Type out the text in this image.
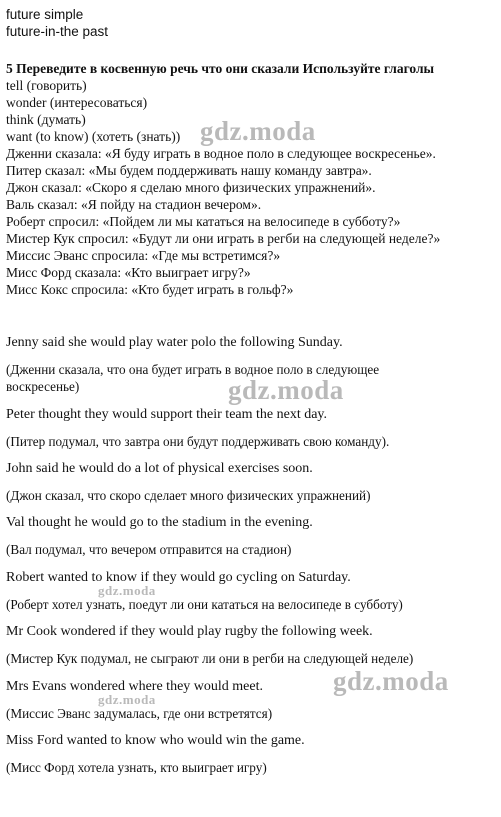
future simple
future-in-the past
5 Переведите в косвенную речь что они сказали Используйте глаголы
tell (говорить)
wonder (интересоваться)
think (думать)
want (to know) (хотеть (знать))
Дженни сказала: «Я буду играть в водное поло в следующее воскресенье».
Питер сказал: «Мы будем поддерживать нашу команду завтра».
Джон сказал: «Скоро я сделаю много физических упражнений».
Валь сказал: «Я пойду на стадион вечером».
Роберт спросил: «Пойдем ли мы кататься на велосипеде в субботу?»
Мистер Кук спросил: «Будут ли они играть в регби на следующей неделе?»
Миссис Эванс спросила: «Где мы встретимся?»
Мисс Форд сказала: «Кто выиграет игру?»
Мисс Кокс спросила: «Кто будет играть в гольф?»
Jenny said she would play water polo the following Sunday.
(Дженни сказала, что она будет играть в водное поло в следующее
воскресенье)
Peter thought they would support their team the next day.
(Питер подумал, что завтра они будут поддерживать свою команду).
John said he would do a lot of physical exercises soon.
(Джон сказал, что скоро сделает много физических упражнений)
Val thought he would go to the stadium in the evening.
(Вал подумал, что вечером отправится на стадион)
Robert wanted to know if they would go cycling on Saturday.
(Роберт хотел узнать, поедут ли они кататься на велосипеде в субботу)
Mr Cook wondered if they would play rugby the following week.
(Мистер Кук подумал, не сыграют ли они в регби на следующей неделе)
Mrs Evans wondered where they would meet.
(Миссис Эванс задумалась, где они встретятся)
Miss Ford wanted to know who would win the game.
(Мисс Форд хотела узнать, кто выиграет игру)
gdz.moda
gdz.moda
gdz.moda
gdz.moda
gdz.moda
